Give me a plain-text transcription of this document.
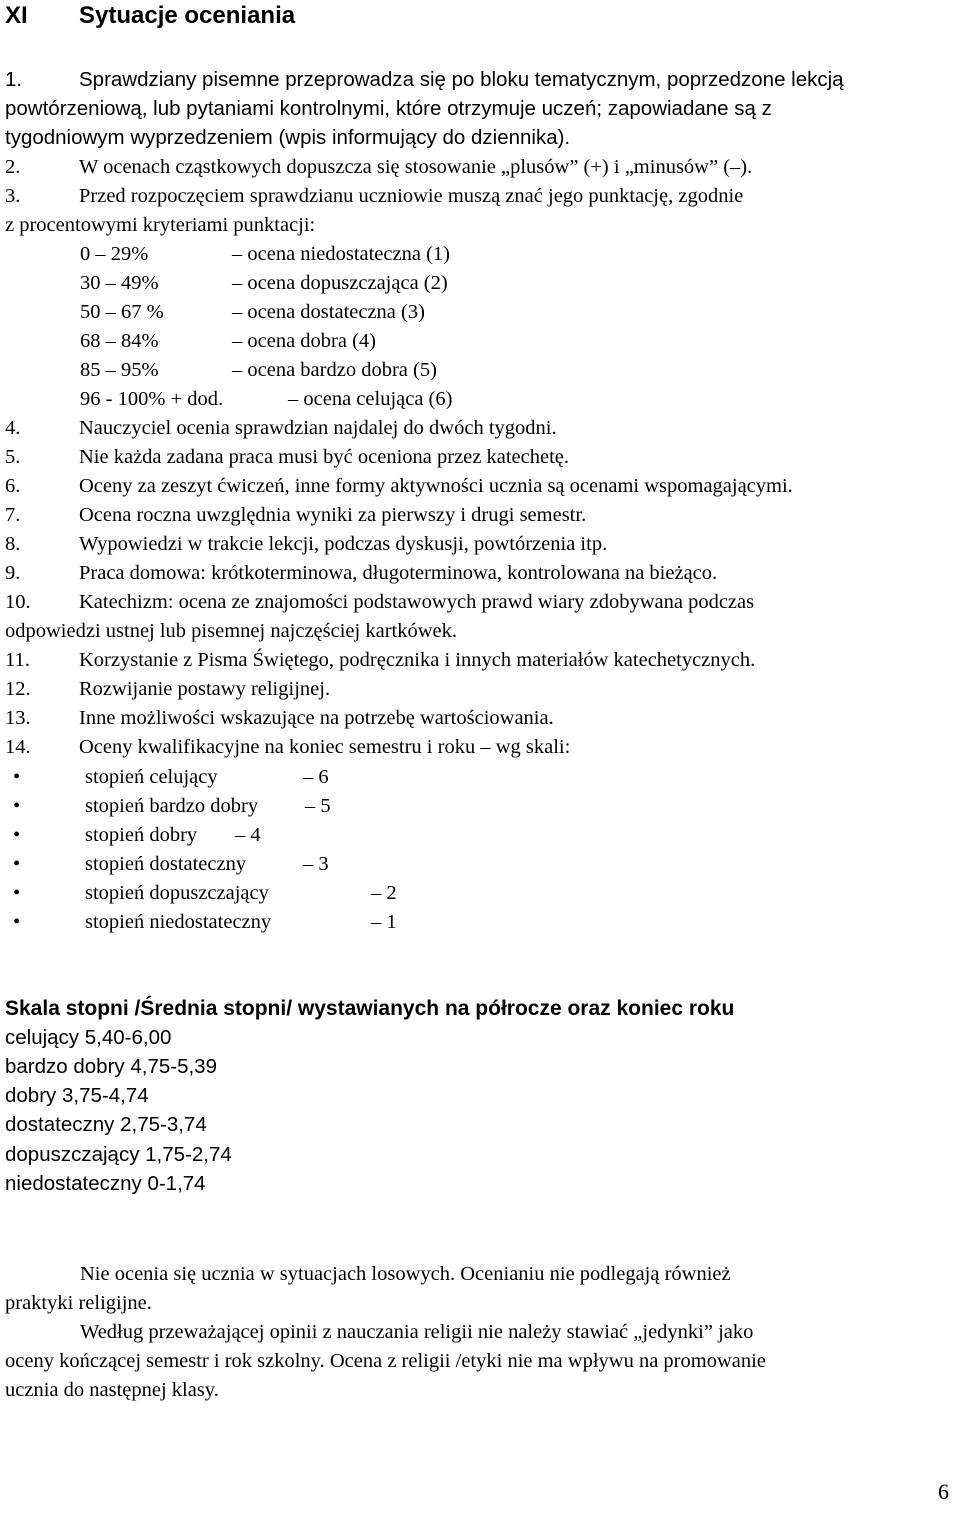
XI Sytuacje oceniania
1.	Sprawdziany pisemne przeprowadza się po bloku tematycznym, poprzedzone lekcją
powtórzeniową, lub pytaniami kontrolnymi, które otrzymuje uczeń; zapowiadane są z
tygodniowym wyprzedzeniem (wpis informujący do dziennika).
2.	W ocenach cząstkowych dopuszcza się stosowanie „plusów” (+) i „minusów” (–).
3.	Przed rozpoczęciem sprawdzianu uczniowie muszą znać jego punktację, zgodnie
z procentowymi kryteriami punktacji:
0 – 29%	– ocena niedostateczna (1)
30 – 49%	– ocena dopuszczająca (2)
50 – 67 %	– ocena dostateczna (3)
68 – 84%	– ocena dobra (4)
85 – 95%	– ocena bardzo dobra (5)
96 - 100% + dod.	– ocena celująca (6)
4.	Nauczyciel ocenia sprawdzian najdalej do dwóch tygodni.
5.	Nie każda zadana praca musi być oceniona przez katechetę.
6.	Oceny za zeszyt ćwiczeń, inne formy aktywności ucznia są ocenami wspomagającymi.
7.	Ocena roczna uwzględnia wyniki za pierwszy i drugi semestr.
8.	Wypowiedzi w trakcie lekcji, podczas dyskusji, powtórzenia itp.
9.	Praca domowa: krótkoterminowa, długoterminowa, kontrolowana na bieżąco.
10. Katechizm: ocena ze znajomości podstawowych prawd wiary zdobywana podczas
odpowiedzi ustnej lub pisemnej najczęściej kartkówek.
11. Korzystanie z Pisma Świętego, podręcznika i innych materiałów katechetycznych.
12. Rozwijanie postawy religijnej.
13. Inne możliwości wskazujące na potrzebę wartościowania.
14. Oceny kwalifikacyjne na koniec semestru i roku – wg skali:
•	stopień celujący	– 6
•	stopień bardzo dobry – 5
•	stopień dobry – 4
•	stopień dostateczny	– 3
•	stopień dopuszczający	– 2
•	stopień niedostateczny	– 1
Skala stopni /Średnia stopni/ wystawianych na półrocze oraz koniec roku
celujący 5,40-6,00
bardzo dobry 4,75-5,39
dobry 3,75-4,74
dostateczny 2,75-3,74
dopuszczający 1,75-2,74
niedostateczny 0-1,74
Nie ocenia się ucznia w sytuacjach losowych. Ocenianiu nie podlegają również
praktyki religijne.
Według przeważającej opinii z nauczania religii nie należy stawiać „jedynki” jako
oceny kończącej semestr i rok szkolny. Ocena z religii /etyki nie ma wpływu na promowanie
ucznia do następnej klasy.
6
